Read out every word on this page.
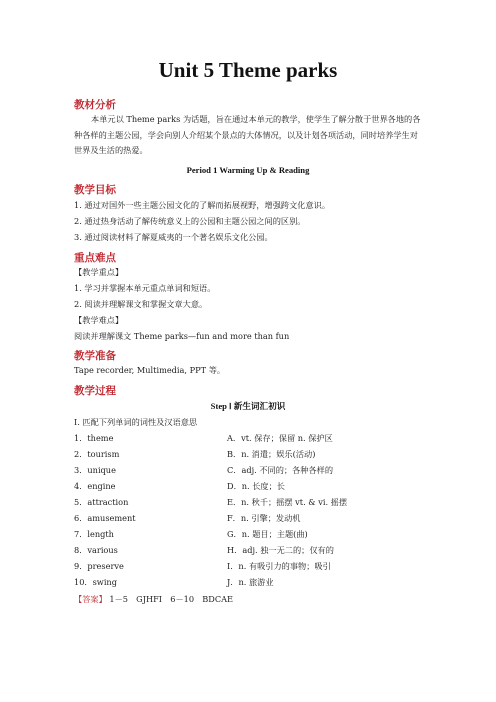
Unit 5 Theme parks
教材分析
本单元以 Theme parks 为话题，旨在通过本单元的教学，使学生了解分散于世界各地的各种各样的主题公园，学会向别人介绍某个景点的大体情况，以及计划各项活动，同时培养学生对世界及生活的热爱。
Period 1 Warming Up & Reading
教学目标
1. 通过对国外一些主题公园文化的了解而拓展视野，增强跨文化意识。
2. 通过热身活动了解传统意义上的公园和主题公园之间的区别。
3. 通过阅读材料了解夏威夷的一个著名娱乐文化公园。
重点难点
【教学重点】
1. 学习并掌握本单元重点单词和短语。
2. 阅读并理解课文和掌握文章大意。
【教学难点】
阅读并理解课文 Theme parks—fun and more than fun
教学准备
Tape recorder, Multimedia, PPT 等。
教学过程
Step Ⅰ 新生词汇初识
Ⅰ. 匹配下列单词的词性及汉语意思
1．theme	A．vt. 保存；保留 n. 保护区
2．tourism	B．n. 消遣；娱乐(活动)
3．unique	C．adj. 不同的；各种各样的
4．engine	D．n. 长度；长
5．attraction	E．n. 秋千；摇摆 vt. & vi. 摇摆
6．amusement	F．n. 引擎；发动机
7．length	G．n. 题目；主题(曲)
8．various	H．adj. 独一无二的；仅有的
9．preserve	I．n. 有吸引力的事物；吸引
10．swing	J．n. 旅游业
【答案】 1－5　GJHFI　6－10　BDCAE
